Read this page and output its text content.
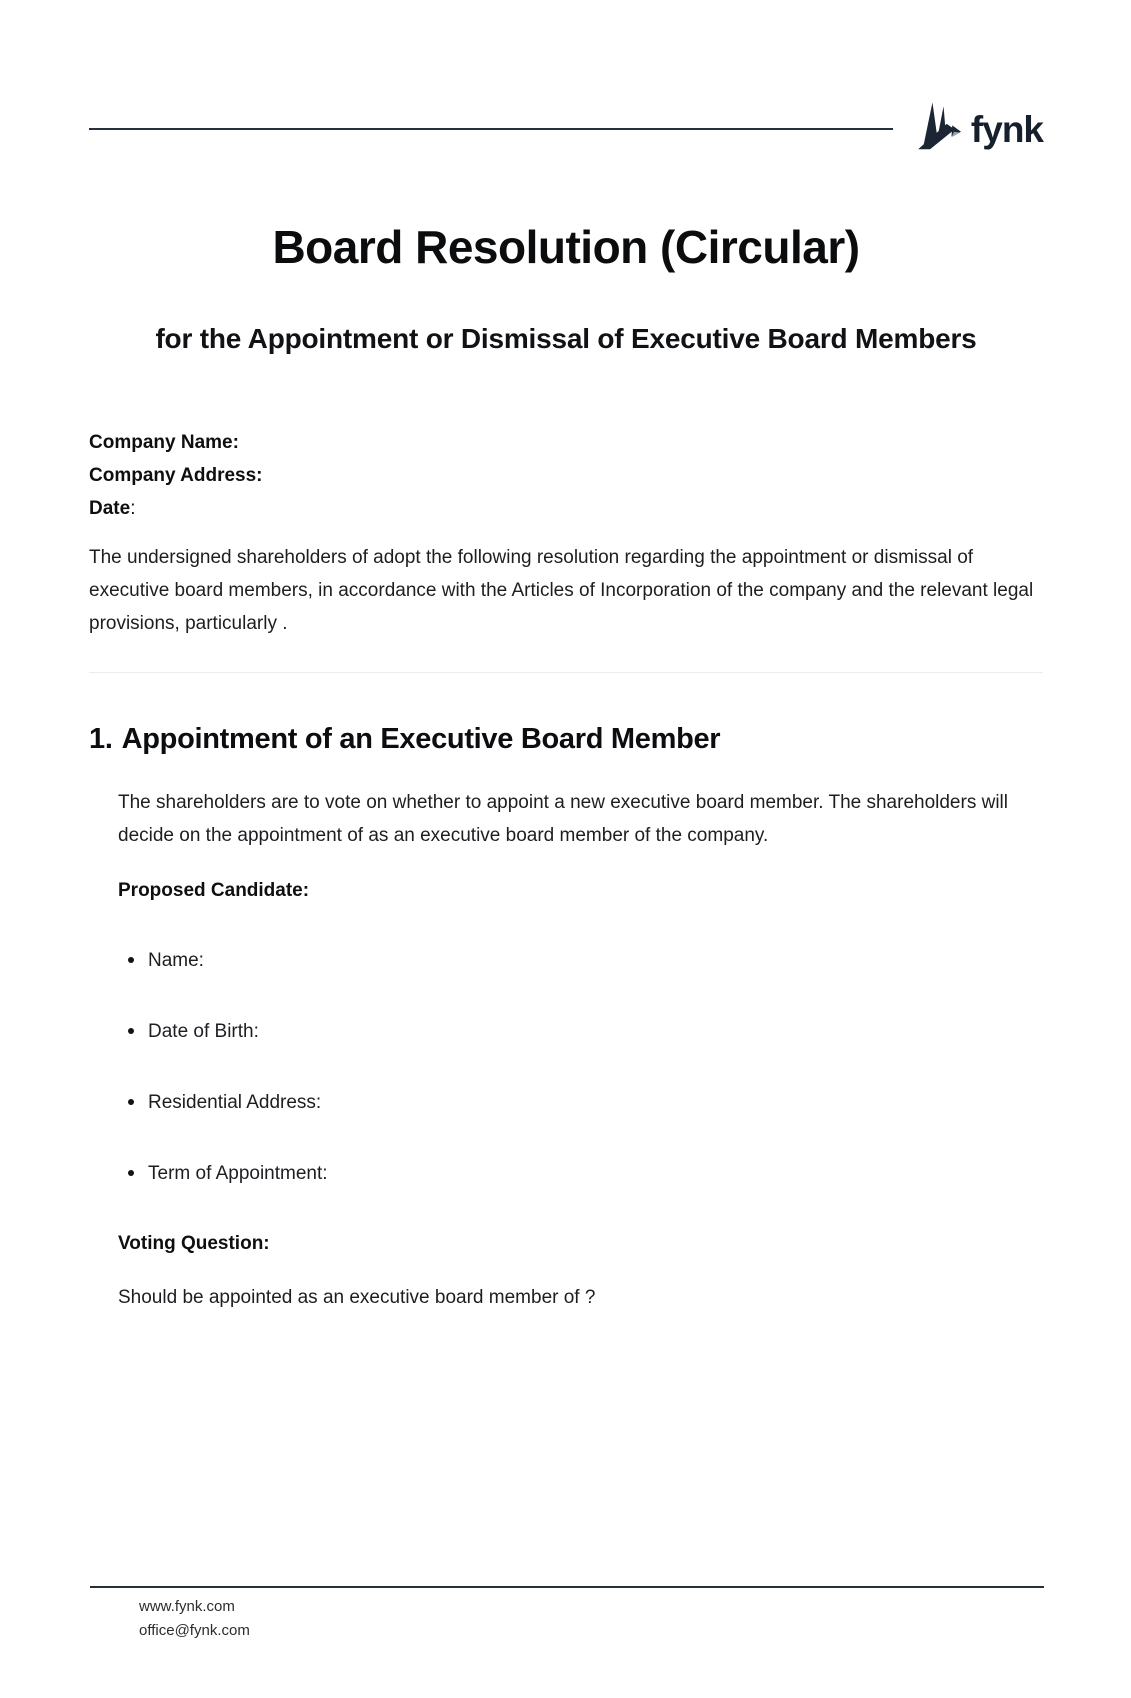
fynk
Board Resolution (Circular)
for the Appointment or Dismissal of Executive Board Members
Company Name:
Company Address:
Date:

The undersigned shareholders of adopt the following resolution regarding the appointment or dismissal of executive board members, in accordance with the Articles of Incorporation of the company and the relevant legal provisions, particularly .

1. Appointment of an Executive Board Member

The shareholders are to vote on whether to appoint a new executive board member. The shareholders will decide on the appointment of as an executive board member of the company.

Proposed Candidate:
Name:
Date of Birth:
Residential Address:
Term of Appointment:
Voting Question:

Should be appointed as an executive board member of ?

www.fynk.com
office@fynk.com
